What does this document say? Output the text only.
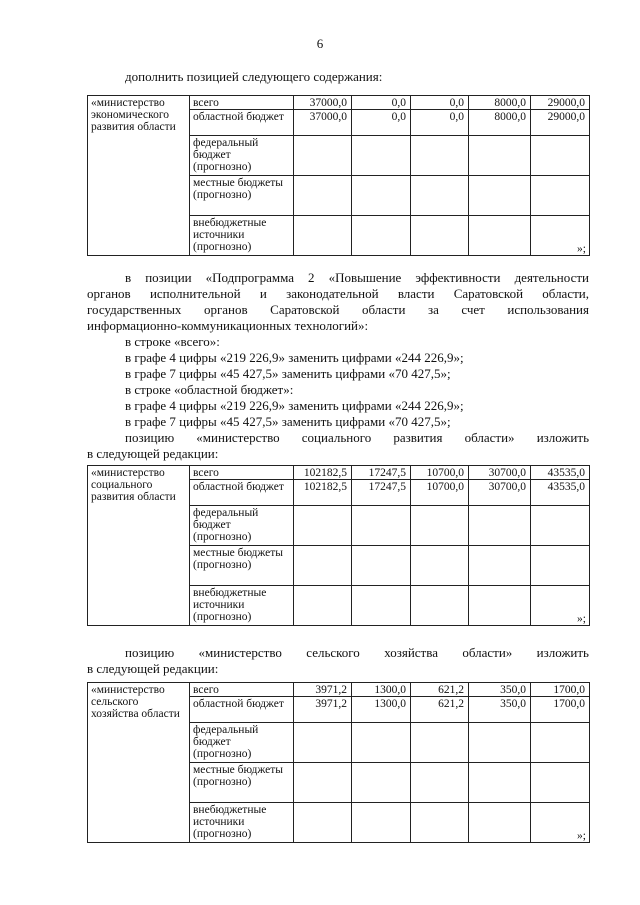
6
дополнить позицией следующего содержания:
«министерство экономического развития области	всего	37000,0	0,0	0,0	8000,0	29000,0
	областной бюджет	37000,0	0,0	0,0	8000,0	29000,0
	федеральный бюджет (прогнозно)					
	местные бюджеты (прогнозно)					
	внебюджетные источники (прогнозно)					»;
в позиции «Подпрограмма 2 «Повышение эффективности деятельности
органов исполнительной и законодательной власти Саратовской области,
государственных органов Саратовской области за счет использования
информационно-коммуникационных технологий»:
в строке «всего»:
в графе 4 цифры «219 226,9» заменить цифрами «244 226,9»;
в графе 7 цифры «45 427,5» заменить цифрами «70 427,5»;
в строке «областной бюджет»:
в графе 4 цифры «219 226,9» заменить цифрами «244 226,9»;
в графе 7 цифры «45 427,5» заменить цифрами «70 427,5»;
позицию «министерство социального развития области» изложить
в следующей редакции:
«министерство социального развития области	всего	102182,5	17247,5	10700,0	30700,0	43535,0
	областной бюджет	102182,5	17247,5	10700,0	30700,0	43535,0
	федеральный бюджет (прогнозно)					
	местные бюджеты (прогнозно)					
	внебюджетные источники (прогнозно)					»;
позицию «министерство сельского хозяйства области» изложить
в следующей редакции:
«министерство сельского хозяйства области	всего	3971,2	1300,0	621,2	350,0	1700,0
	областной бюджет	3971,2	1300,0	621,2	350,0	1700,0
	федеральный бюджет (прогнозно)					
	местные бюджеты (прогнозно)					
	внебюджетные источники (прогнозно)					»;
